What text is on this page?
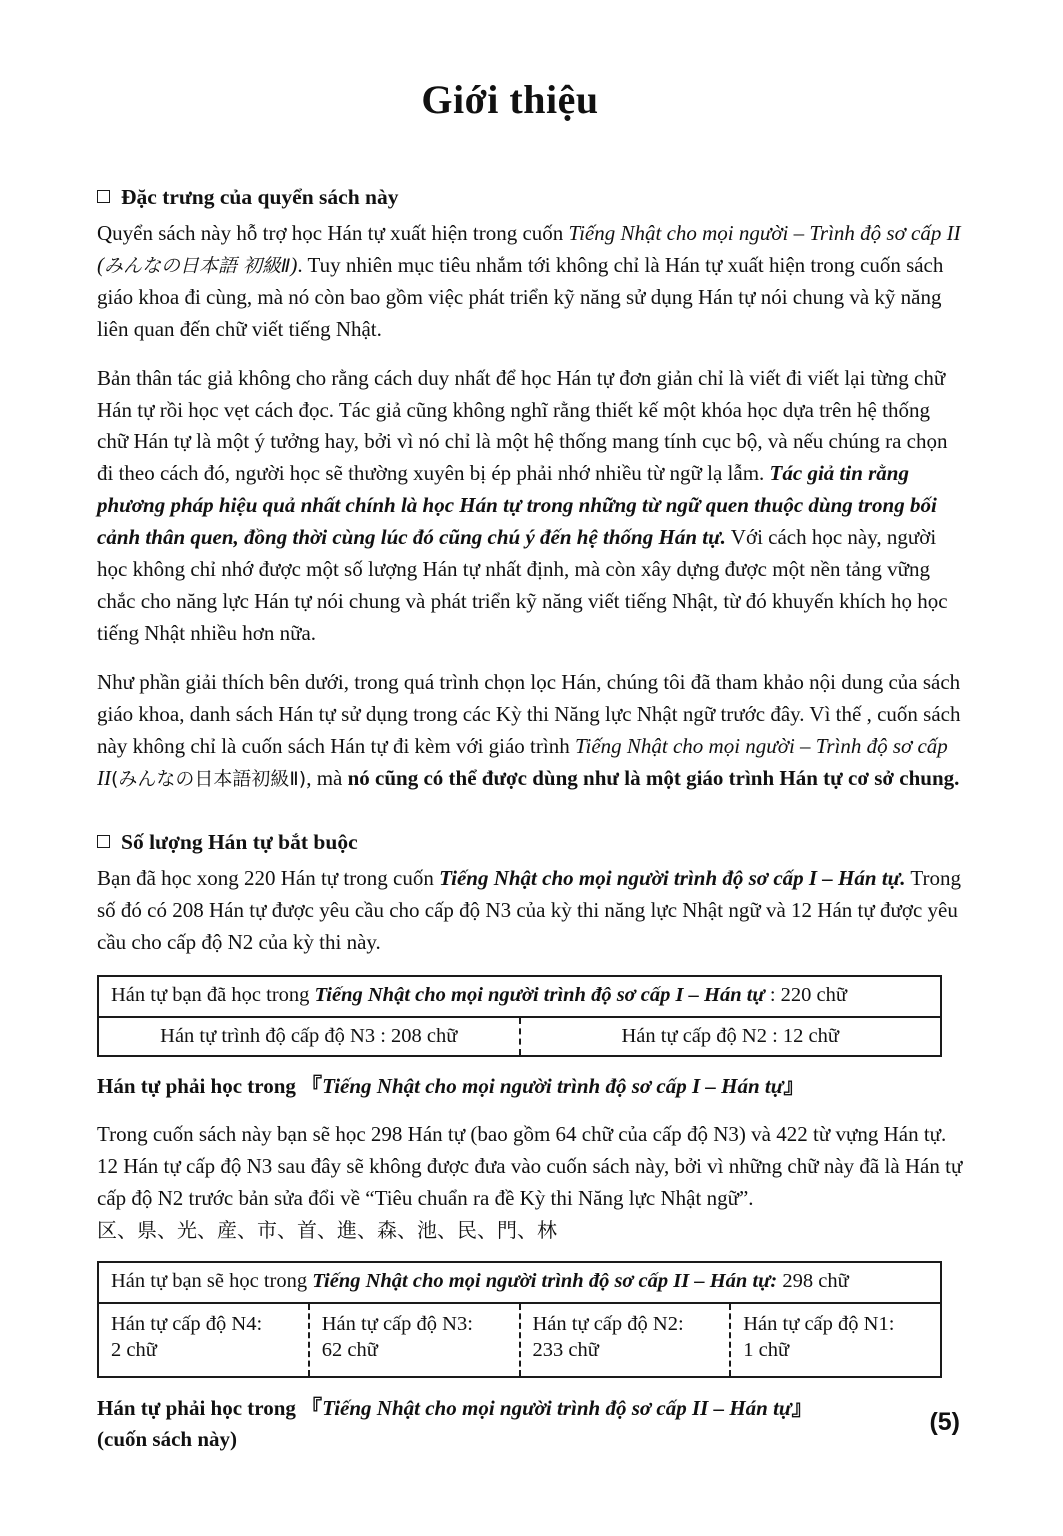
Giới thiệu
Đặc trưng của quyển sách này

Quyển sách này hỗ trợ học Hán tự xuất hiện trong cuốn Tiếng Nhật cho mọi người – Trình độ sơ cấp II (みんなの日本語 初級Ⅱ). Tuy nhiên mục tiêu nhắm tới không chỉ là Hán tự xuất hiện trong cuốn sách giáo khoa đi cùng, mà nó còn bao gồm việc phát triển kỹ năng sử dụng Hán tự nói chung và kỹ năng liên quan đến chữ viết tiếng Nhật.

Bản thân tác giả không cho rằng cách duy nhất để học Hán tự đơn giản chỉ là viết đi viết lại từng chữ Hán tự rồi học vẹt cách đọc. Tác giả cũng không nghĩ rằng thiết kế một khóa học dựa trên hệ thống chữ Hán tự là một ý tưởng hay, bởi vì nó chỉ là một hệ thống mang tính cục bộ, và nếu chúng ra chọn đi theo cách đó, người học sẽ thường xuyên bị ép phải nhớ nhiều từ ngữ lạ lẫm. Tác giả tin rằng phương pháp hiệu quả nhất chính là học Hán tự trong những từ ngữ quen thuộc dùng trong bối cảnh thân quen, đồng thời cùng lúc đó cũng chú ý đến hệ thống Hán tự. Với cách học này, người học không chỉ nhớ được một số lượng Hán tự nhất định, mà còn xây dựng được một nền tảng vững chắc cho năng lực Hán tự nói chung và phát triển kỹ năng viết tiếng Nhật, từ đó khuyến khích họ học tiếng Nhật nhiều hơn nữa.

Như phần giải thích bên dưới, trong quá trình chọn lọc Hán, chúng tôi đã tham khảo nội dung của sách giáo khoa, danh sách Hán tự sử dụng trong các Kỳ thi Năng lực Nhật ngữ trước đây. Vì thế , cuốn sách này không chỉ là cuốn sách Hán tự đi kèm với giáo trình Tiếng Nhật cho mọi người – Trình độ sơ cấp II(みんなの日本語初級Ⅱ), mà nó cũng có thể được dùng như là một giáo trình Hán tự cơ sở chung.

Số lượng Hán tự bắt buộc

Bạn đã học xong 220 Hán tự trong cuốn Tiếng Nhật cho mọi người trình độ sơ cấp I – Hán tự. Trong số đó có 208 Hán tự được yêu cầu cho cấp độ N3 của kỳ thi năng lực Nhật ngữ và 12 Hán tự được yêu cầu cho cấp độ N2 của kỳ thi này.

Hán tự bạn đã học trong Tiếng Nhật cho mọi người trình độ sơ cấp I – Hán tự : 220 chữ
Hán tự trình độ cấp độ N3 : 208 chữ	Hán tự cấp độ N2 : 12 chữ

Hán tự phải học trong 『Tiếng Nhật cho mọi người trình độ sơ cấp I – Hán tự』

Trong cuốn sách này bạn sẽ học 298 Hán tự (bao gồm 64 chữ của cấp độ N3) và 422 từ vựng Hán tự. 12 Hán tự cấp độ N3 sau đây sẽ không được đưa vào cuốn sách này, bởi vì những chữ này đã là Hán tự cấp độ N2 trước bản sửa đổi về “Tiêu chuẩn ra đề Kỳ thi Năng lực Nhật ngữ”.

区、県、光、産、市、首、進、森、池、民、門、林

Hán tự bạn sẽ học trong Tiếng Nhật cho mọi người trình độ sơ cấp II – Hán tự: 298 chữ
Hán tự cấp độ N4:
2 chữ
Hán tự cấp độ N3:
62 chữ
Hán tự cấp độ N2:
233 chữ
Hán tự cấp độ N1:
1 chữ

Hán tự phải học trong 『Tiếng Nhật cho mọi người trình độ sơ cấp II – Hán tự』
(cuốn sách này)

(5)
